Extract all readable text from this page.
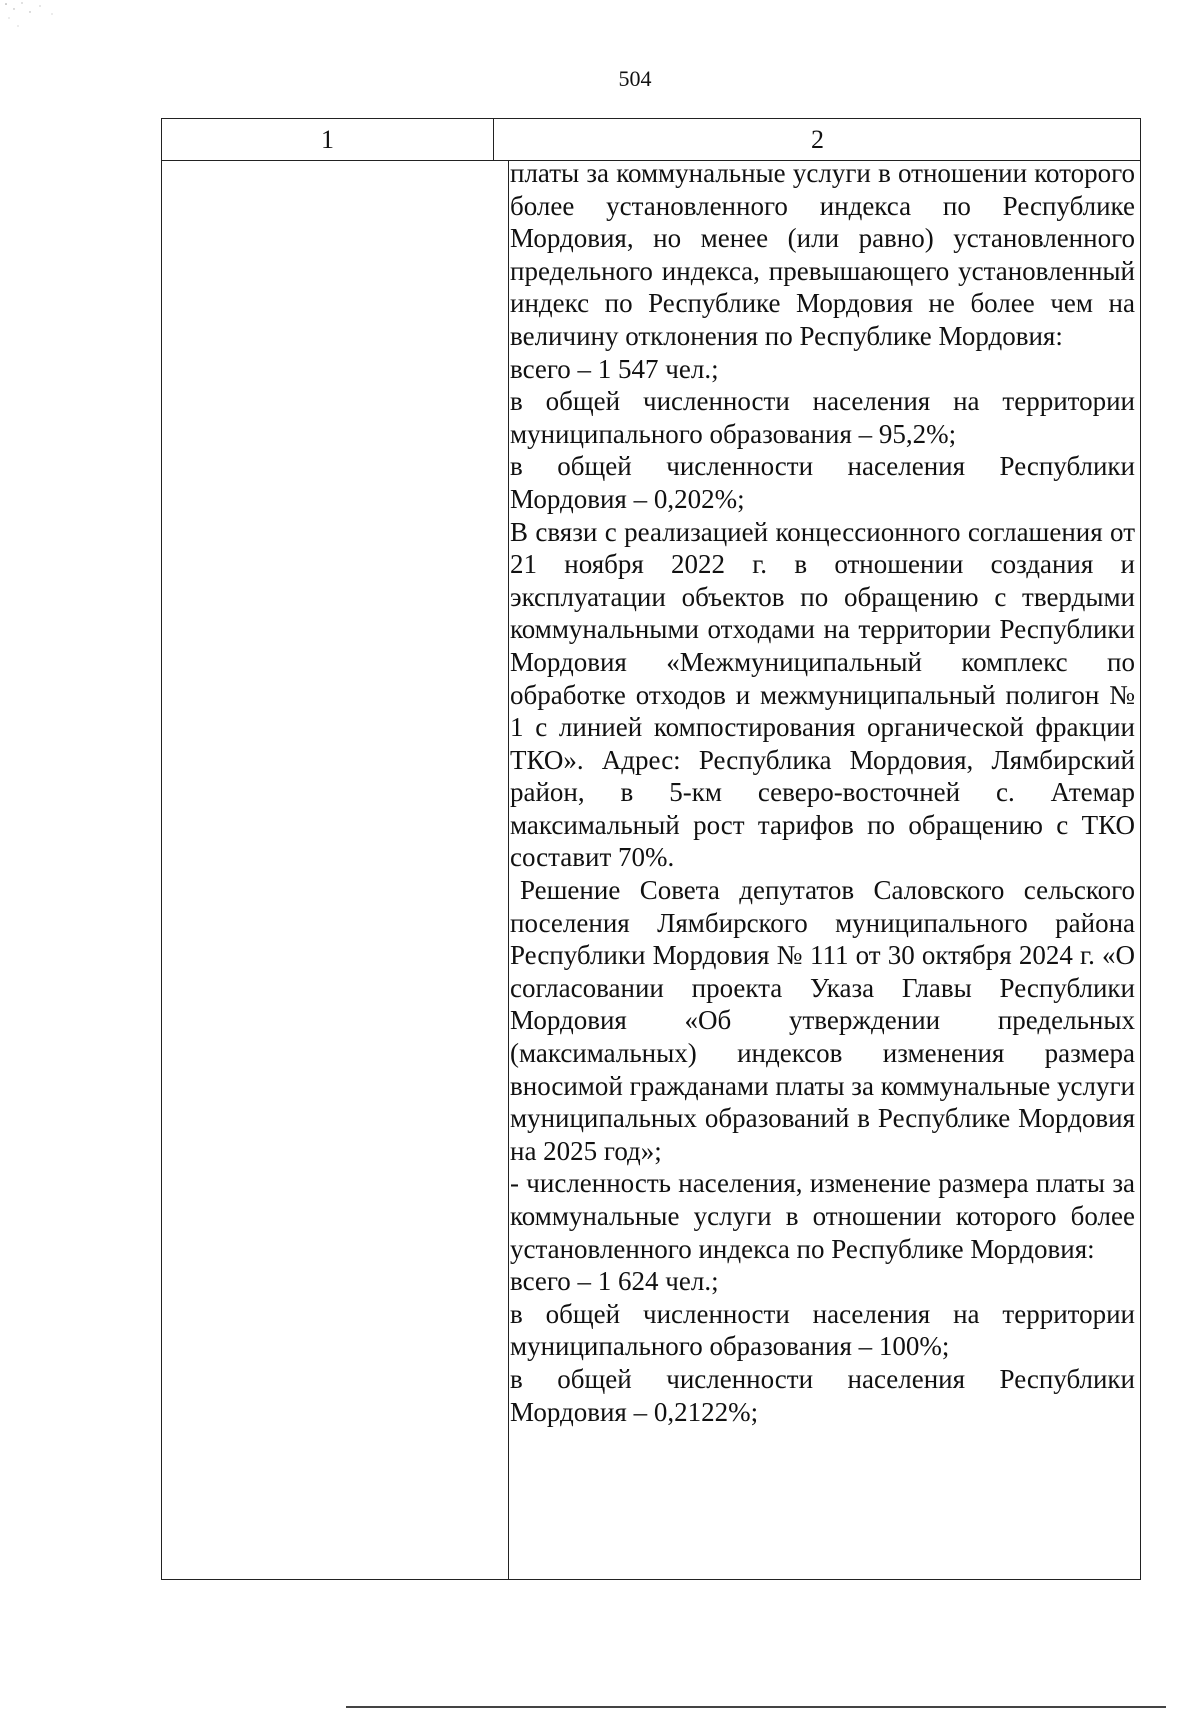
504
1	2

платы за коммунальные услуги в отношении которого более установленного индекса по Республике Мордовия, но менее (или равно) установленного предельного индекса, превышающего установленный индекс по Республике Мордовия не более чем на величину отклонения по Республике Мордовия:

всего – 1 547 чел.;

в общей численности населения на территории муниципального образования – 95,2%;

в общей численности населения Республики Мордовия – 0,202%;

В связи с реализацией концессионного соглашения от 21 ноября 2022 г. в отношении создания и эксплуатации объектов по обращению с твердыми коммунальными отходами на территории Республики Мордовия «Межмуниципальный комплекс по обработке отходов и межмуниципальный полигон № 1 с линией компостирования органической фракции ТКО». Адрес: Республика Мордовия, Лямбирский район, в 5-км северо-восточней с. Атемар максимальный рост тарифов по обращению с ТКО составит 70%.

Решение Совета депутатов Саловского сельского поселения Лямбирского муниципального района Республики Мордовия № 111 от 30 октября 2024 г. «О согласовании проекта Указа Главы Республики Мордовия «Об утверждении предельных (максимальных) индексов изменения размера вносимой гражданами платы за коммунальные услуги муниципальных образований в Республике Мордовия на 2025 год»;

- численность населения, изменение размера платы за коммунальные услуги в отношении которого более установленного индекса по Республике Мордовия:

всего – 1 624 чел.;

в общей численности населения на территории муниципального образования – 100%;

в общей численности населения Республики Мордовия – 0,2122%;
